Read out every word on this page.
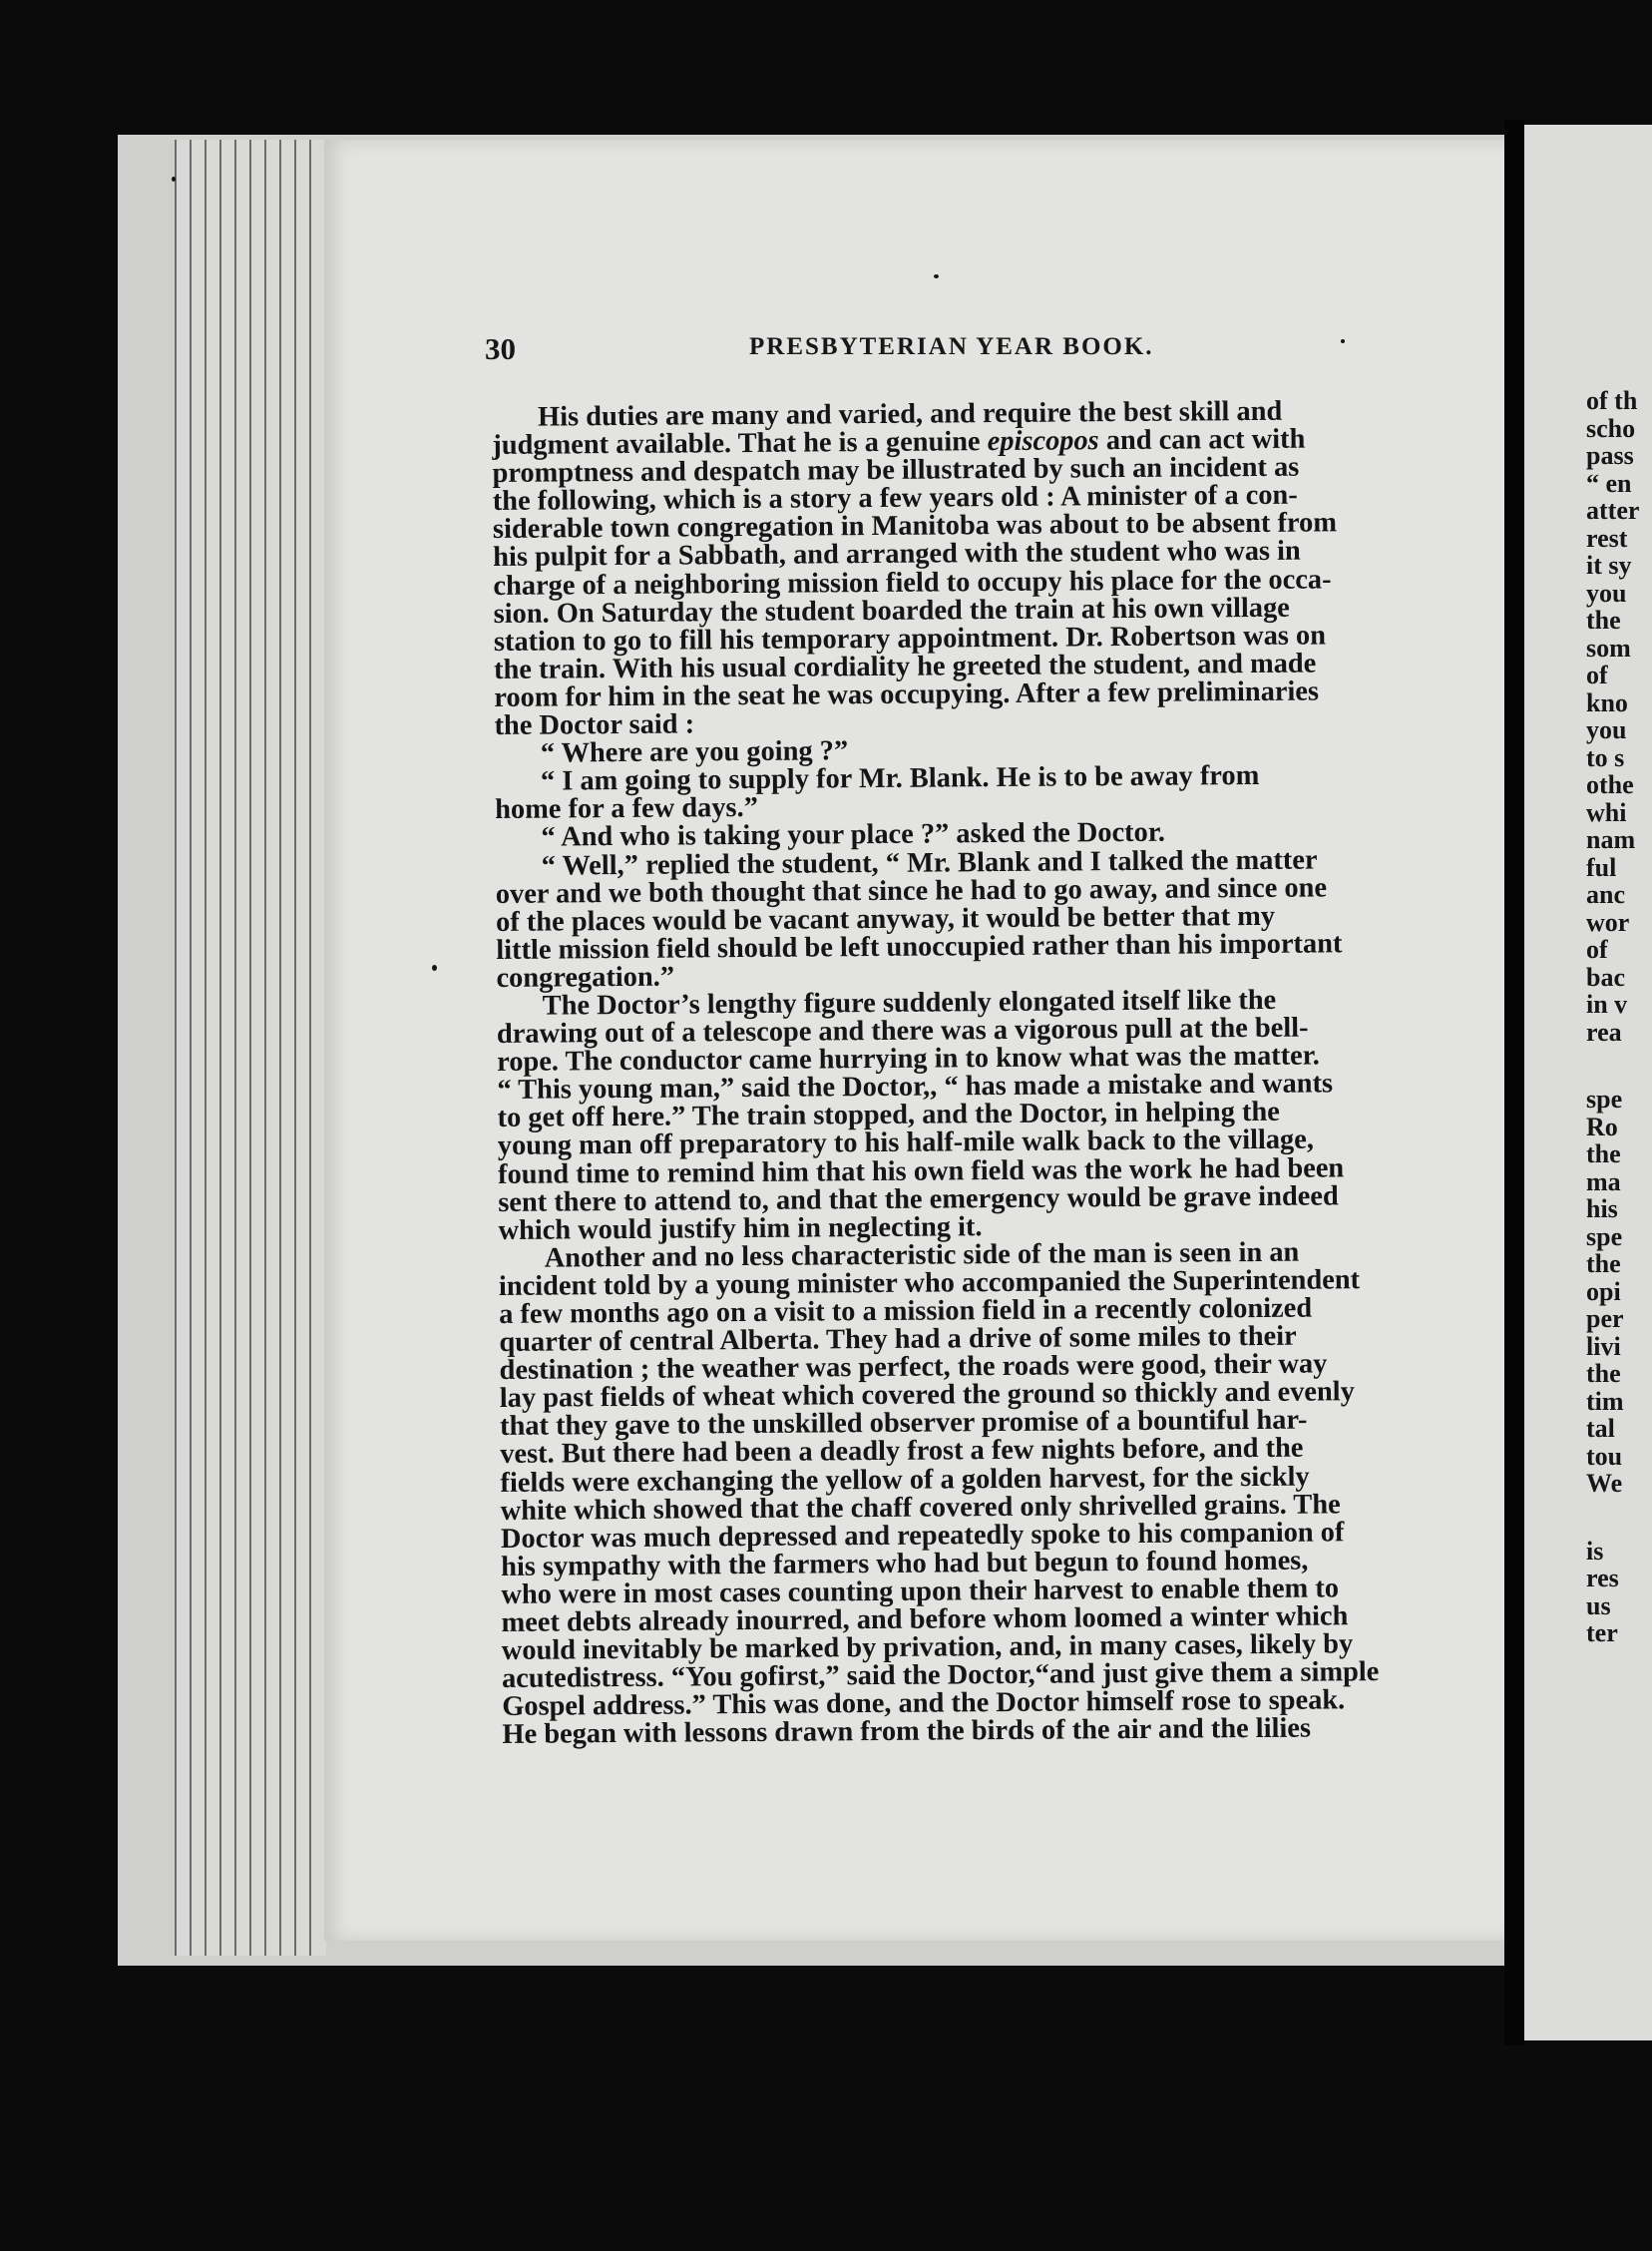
30	PRESBYTERIAN YEAR BOOK.
His duties are many and varied, and require the best skill and
judgment available. That he is a genuine episcopos and can act with
promptness and despatch may be illustrated by such an incident as
the following, which is a story a few years old : A minister of a con-
siderable town congregation in Manitoba was about to be absent from
his pulpit for a Sabbath, and arranged with the student who was in
charge of a neighboring mission field to occupy his place for the occa-
sion. On Saturday the student boarded the train at his own village
station to go to fill his temporary appointment. Dr. Robertson was on
the train. With his usual cordiality he greeted the student, and made
room for him in the seat he was occupying. After a few preliminaries
the Doctor said :
“ Where are you going ?”
“ I am going to supply for Mr. Blank. He is to be away from
home for a few days.”
“ And who is taking your place ?” asked the Doctor.
“ Well,” replied the student, “ Mr. Blank and I talked the matter
over and we both thought that since he had to go away, and since one
of the places would be vacant anyway, it would be better that my
little mission field should be left unoccupied rather than his important
congregation.”
The Doctor’s lengthy figure suddenly elongated itself like the
drawing out of a telescope and there was a vigorous pull at the bell-
rope. The conductor came hurrying in to know what was the matter.
“ This young man,” said the Doctor,, “ has made a mistake and wants
to get off here.” The train stopped, and the Doctor, in helping the
young man off preparatory to his half-mile walk back to the village,
found time to remind him that his own field was the work he had been
sent there to attend to, and that the emergency would be grave indeed
which would justify him in neglecting it.
Another and no less characteristic side of the man is seen in an
incident told by a young minister who accompanied the Superintendent
a few months ago on a visit to a mission field in a recently colonized
quarter of central Alberta. They had a drive of some miles to their
destination ; the weather was perfect, the roads were good, their way
lay past fields of wheat which covered the ground so thickly and evenly
that they gave to the unskilled observer promise of a bountiful har-
vest. But there had been a deadly frost a few nights before, and the
fields were exchanging the yellow of a golden harvest, for the sickly
white which showed that the chaff covered only shrivelled grains. The
Doctor was much depressed and repeatedly spoke to his companion of
his sympathy with the farmers who had but begun to found homes,
who were in most cases counting upon their harvest to enable them to
meet debts already inourred, and before whom loomed a winter which
would inevitably be marked by privation, and, in many cases, likely by
acutedistress. “You gofirst,” said the Doctor,“and just give them a simple
Gospel address.” This was done, and the Doctor himself rose to speak.
He began with lessons drawn from the birds of the air and the lilies
of th
scho
pass
“ en
atter
rest
it sy
you
the
som
of
kno
you
to s
othe
whi
nam
ful
anc
wor
of
bac
in v
rea
spe
Ro
the
ma
his
spe
the
opi
per
livi
the
tim
tal
tou
We
is
res
us
ter
